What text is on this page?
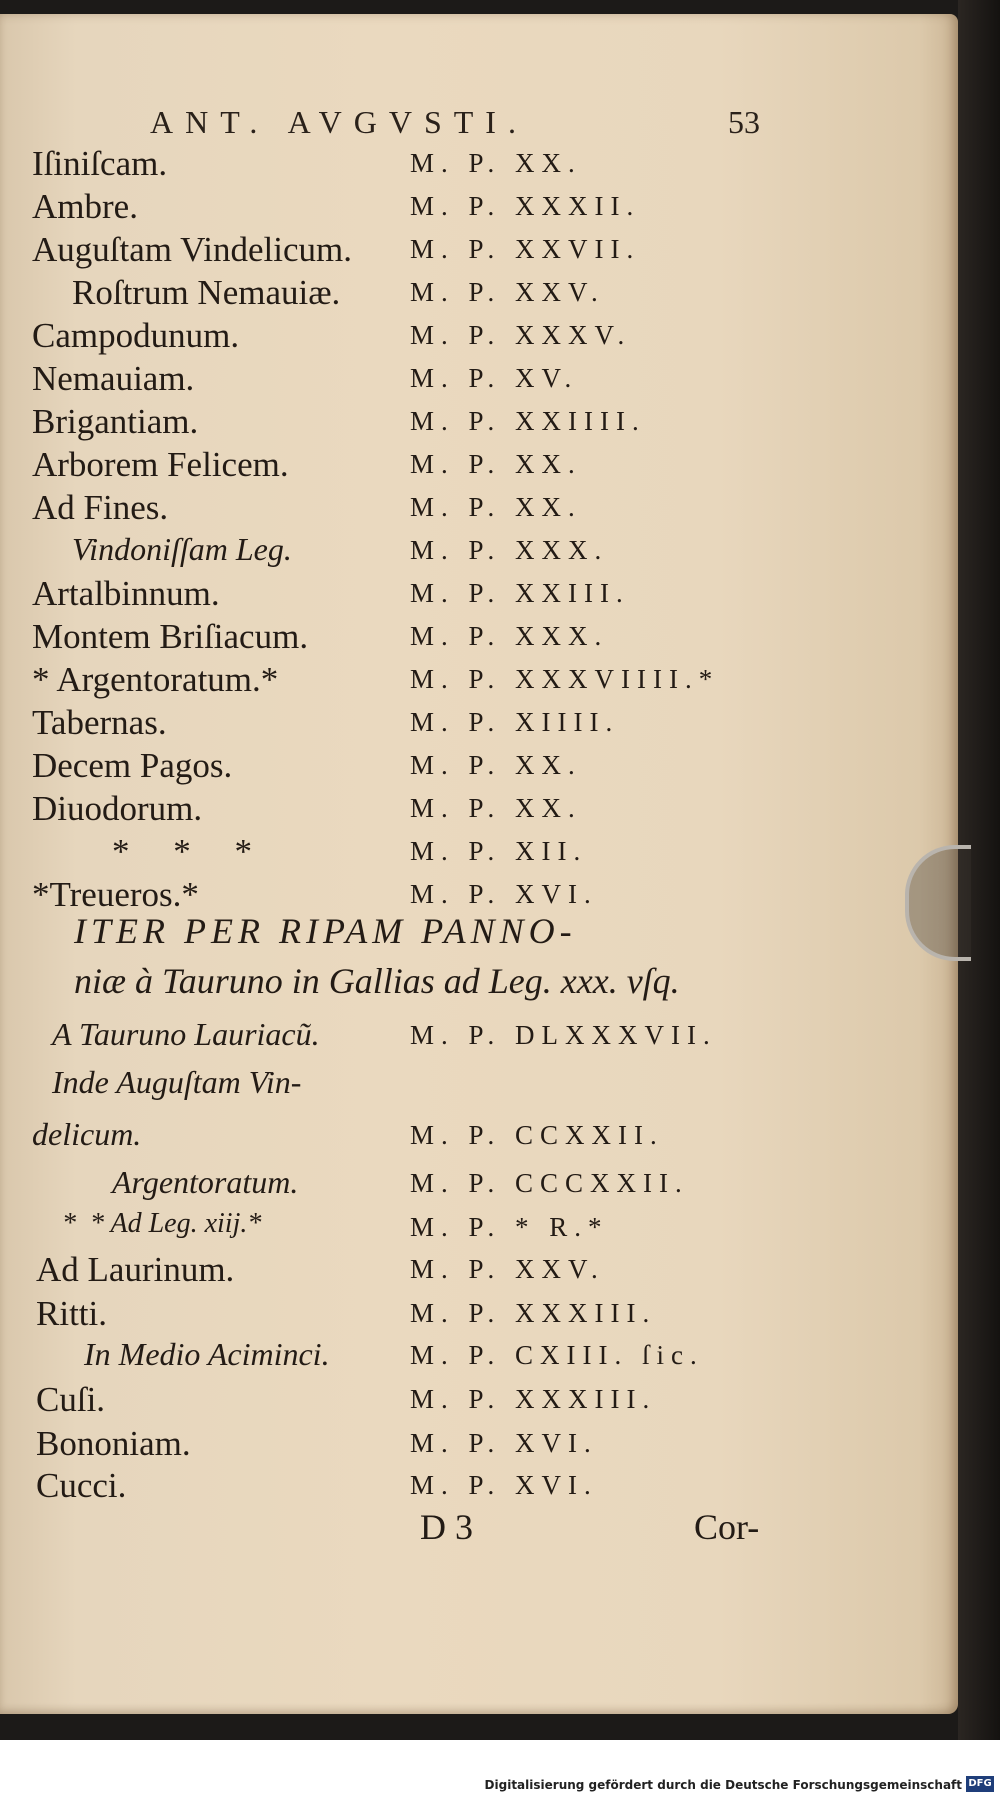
ANT. AVGVSTI.	53
Iſiniſcam.	M. P. XX.
Ambre.	M. P. XXXII.
Auguſtam Vindelicum. M. P. XXVII.
Roſtrum Nemauiæ.	M. P. XXV.
Campodunum.	M. P. XXXV.
Nemauiam.	M. P. XV.
Brigantiam.	M. P. XXIIII.
Arborem Felicem.	M. P. XX.
Ad Fines.	M. P. XX.
Vindoniſſam Leg.	M. P. XXX.
Artalbinnum.	M. P. XXIII.
Montem Briſiacum.	M. P. XXX.
* Argentoratum.*	M. P. XXXVIIII.*
Tabernas.	M. P. XIIII.
Decem Pagos.	M. P. XX.
Diuodorum.	M. P. XX.
*     *     *	M. P. XII.
*Treueros.*	M. P. XVI.
ITER PER RIPAM PANNO-
niæ à Tauruno in Gallias ad Leg. xxx. vſq.
A Tauruno Lauriacũ.	M. P. DLXXXVII.
Inde Auguſtam Vin-
delicum.	M. P. CCXXII.
Argentoratum.	M. P. CCCXXII.
*  * Ad Leg. xiij.*	M. P. * R.*
Ad Laurinum.	M. P. XXV.
Ritti.	M. P. XXXIII.
In Medio Aciminci.	M. P. CXIII. ſic.
Cuſi.	M. P. XXXIII.
Bononiam.	M. P. XVI.
Cucci.	M. P. XVI.
D 3	Cor-
Digitalisierung gefördert durch die Deutsche Forschungsgemeinschaft DFG
